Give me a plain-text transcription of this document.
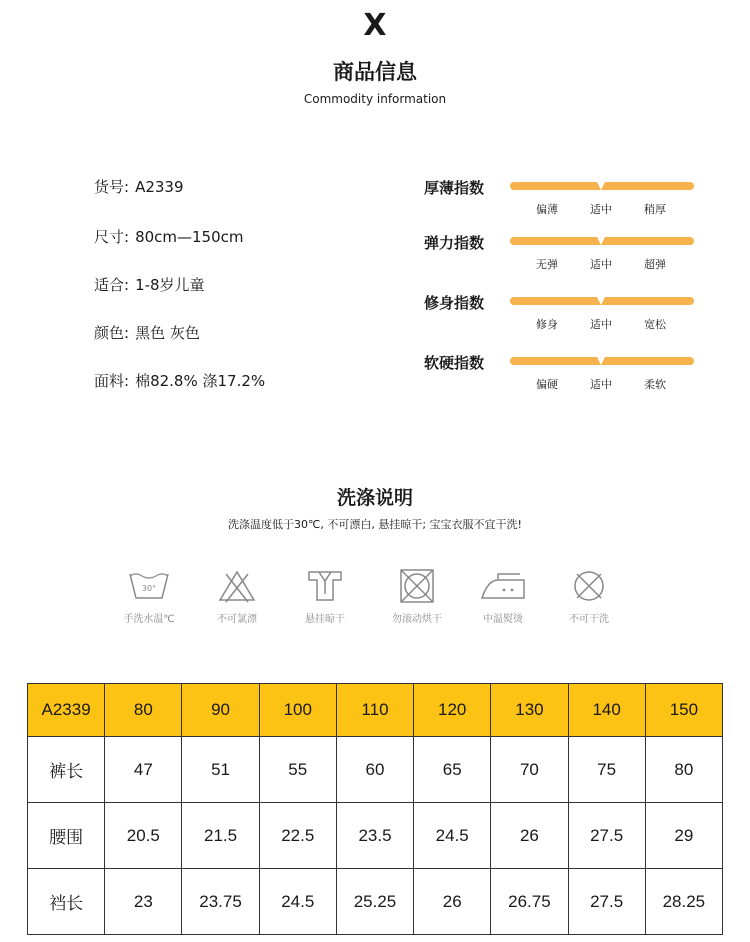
X
商品信息
Commodity information
货号: A2339
尺寸: 80cm—150cm
适合: 1-8岁儿童
颜色: 黑色 灰色
面料: 棉82.8% 涤17.2%
厚薄指数
偏薄	适中	稍厚
弹力指数
无弹	适中	超弹
修身指数
修身	适中	宽松
软硬指数
偏硬	适中	柔软
洗涤说明
洗涤温度低于30℃, 不可漂白, 悬挂晾干; 宝宝衣服不宜干洗!
30°
手洗水温℃	不可氯漂	悬挂晾干	勿滚动烘干	中温熨烫	不可干洗
A2339	80	90	100	110	120	130	140	150
裤长	47	51	55	60	65	70	75	80
腰围	20.5	21.5	22.5	23.5	24.5	26	27.5	29
裆长	23	23.75	24.5	25.25	26	26.75	27.5	28.25
